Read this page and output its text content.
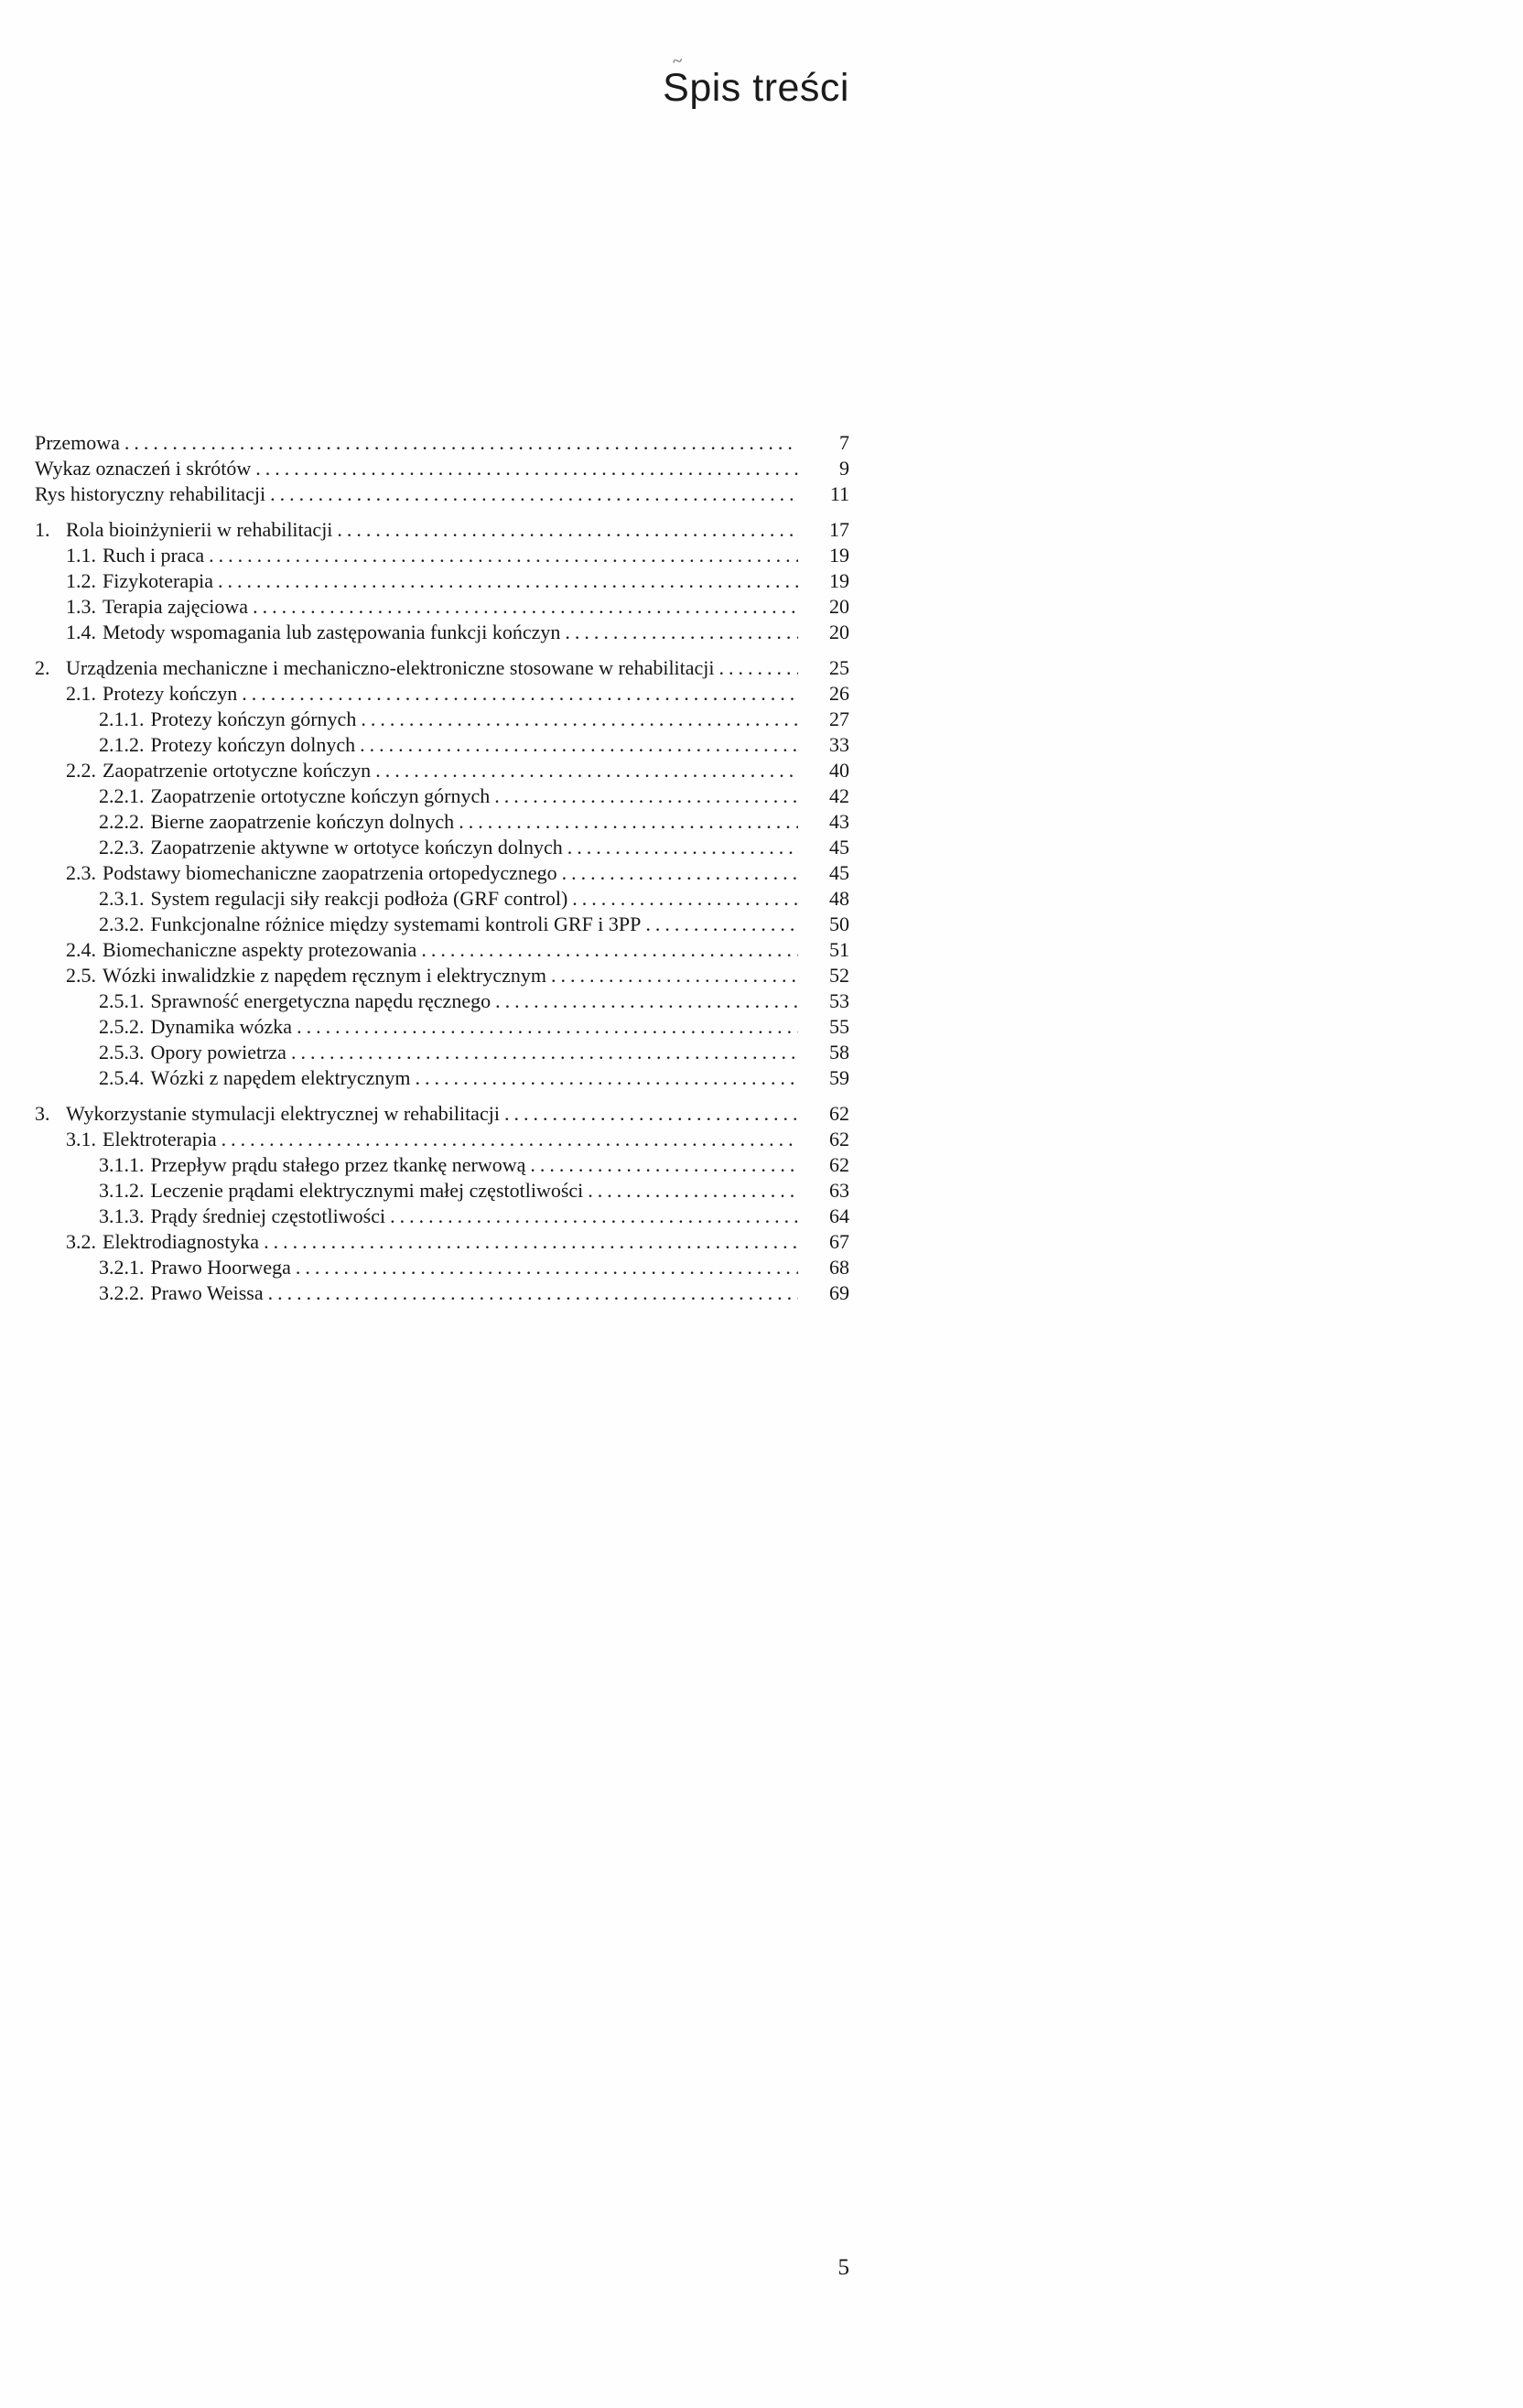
~
Spis treści
Przemowa .....	7
Wykaz oznaczeń i skrótów .....	9
Rys historyczny rehabilitacji .....	11
1. Rola bioinżynierii w rehabilitacji .....	17
1.1. Ruch i praca .....	19
1.2. Fizykoterapia .....	19
1.3. Terapia zajęciowa .....	20
1.4. Metody wspomagania lub zastępowania funkcji kończyn .....	20
2. Urządzenia mechaniczne i mechaniczno-elektroniczne stosowane w rehabilitacji .....	25
2.1. Protezy kończyn .....	26
2.1.1. Protezy kończyn górnych .....	27
2.1.2. Protezy kończyn dolnych .....	33
2.2. Zaopatrzenie ortotyczne kończyn .....	40
2.2.1. Zaopatrzenie ortotyczne kończyn górnych .....	42
2.2.2. Bierne zaopatrzenie kończyn dolnych .....	43
2.2.3. Zaopatrzenie aktywne w ortotyce kończyn dolnych .....	45
2.3. Podstawy biomechaniczne zaopatrzenia ortopedycznego .....	45
2.3.1. System regulacji siły reakcji podłoża (GRF control) .....	48
2.3.2. Funkcjonalne różnice między systemami kontroli GRF i 3PP .....	50
2.4. Biomechaniczne aspekty protezowania .....	51
2.5. Wózki inwalidzkie z napędem ręcznym i elektrycznym .....	52
2.5.1. Sprawność energetyczna napędu ręcznego .....	53
2.5.2. Dynamika wózka .....	55
2.5.3. Opory powietrza .....	58
2.5.4. Wózki z napędem elektrycznym .....	59
3. Wykorzystanie stymulacji elektrycznej w rehabilitacji .....	62
3.1. Elektroterapia .....	62
3.1.1. Przepływ prądu stałego przez tkankę nerwową .....	62
3.1.2. Leczenie prądami elektrycznymi małej częstotliwości .....	63
3.1.3. Prądy średniej częstotliwości .....	64
3.2. Elektrodiagnostyka .....	67
3.2.1. Prawo Hoorwega .....	68
3.2.2. Prawo Weissa .....	69
5
